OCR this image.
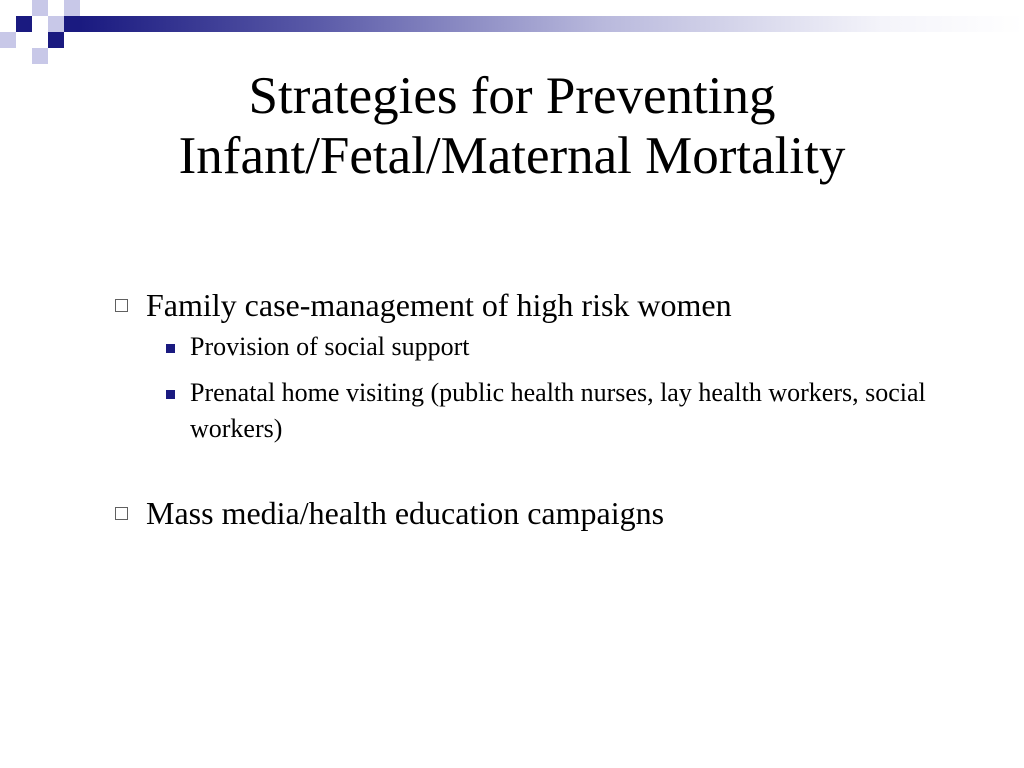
Strategies for Preventing
Infant/Fetal/Maternal Mortality
Family case-management of high risk women
Provision of social support
Prenatal home visiting (public health nurses, lay health workers, social workers)
Mass media/health education campaigns
